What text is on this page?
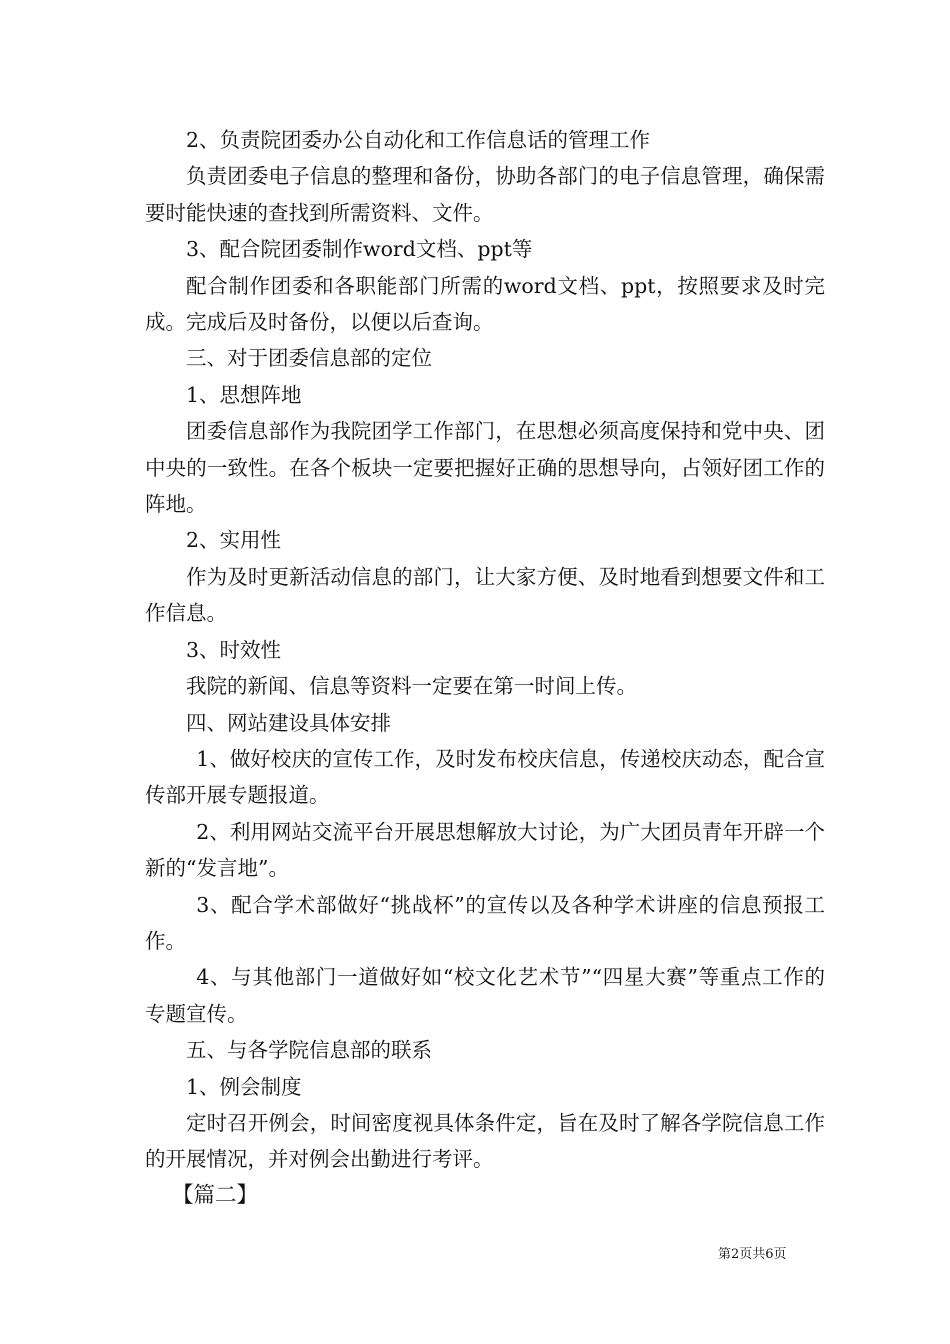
2、负责院团委办公自动化和工作信息话的管理工作

负责团委电子信息的整理和备份，协助各部门的电子信息管理，确保需要时能快速的查找到所需资料、文件。

3、配合院团委制作word文档、ppt等

配合制作团委和各职能部门所需的word文档、ppt，按照要求及时完成。完成后及时备份，以便以后查询。

三、对于团委信息部的定位

1、思想阵地

团委信息部作为我院团学工作部门，在思想必须高度保持和党中央、团中央的一致性。在各个板块一定要把握好正确的思想导向，占领好团工作的阵地。

2、实用性

作为及时更新活动信息的部门，让大家方便、及时地看到想要文件和工作信息。

3、时效性

我院的新闻、信息等资料一定要在第一时间上传。

四、网站建设具体安排

1、做好校庆的宣传工作，及时发布校庆信息，传递校庆动态，配合宣传部开展专题报道。

2、利用网站交流平台开展思想解放大讨论，为广大团员青年开辟一个新的“发言地”。

3、配合学术部做好“挑战杯”的宣传以及各种学术讲座的信息预报工作。

4、与其他部门一道做好如“校文化艺术节”“四星大赛”等重点工作的专题宣传。

五、与各学院信息部的联系

1、例会制度

定时召开例会，时间密度视具体条件定，旨在及时了解各学院信息工作的开展情况，并对例会出勤进行考评。

【篇二】
第2页共6页
